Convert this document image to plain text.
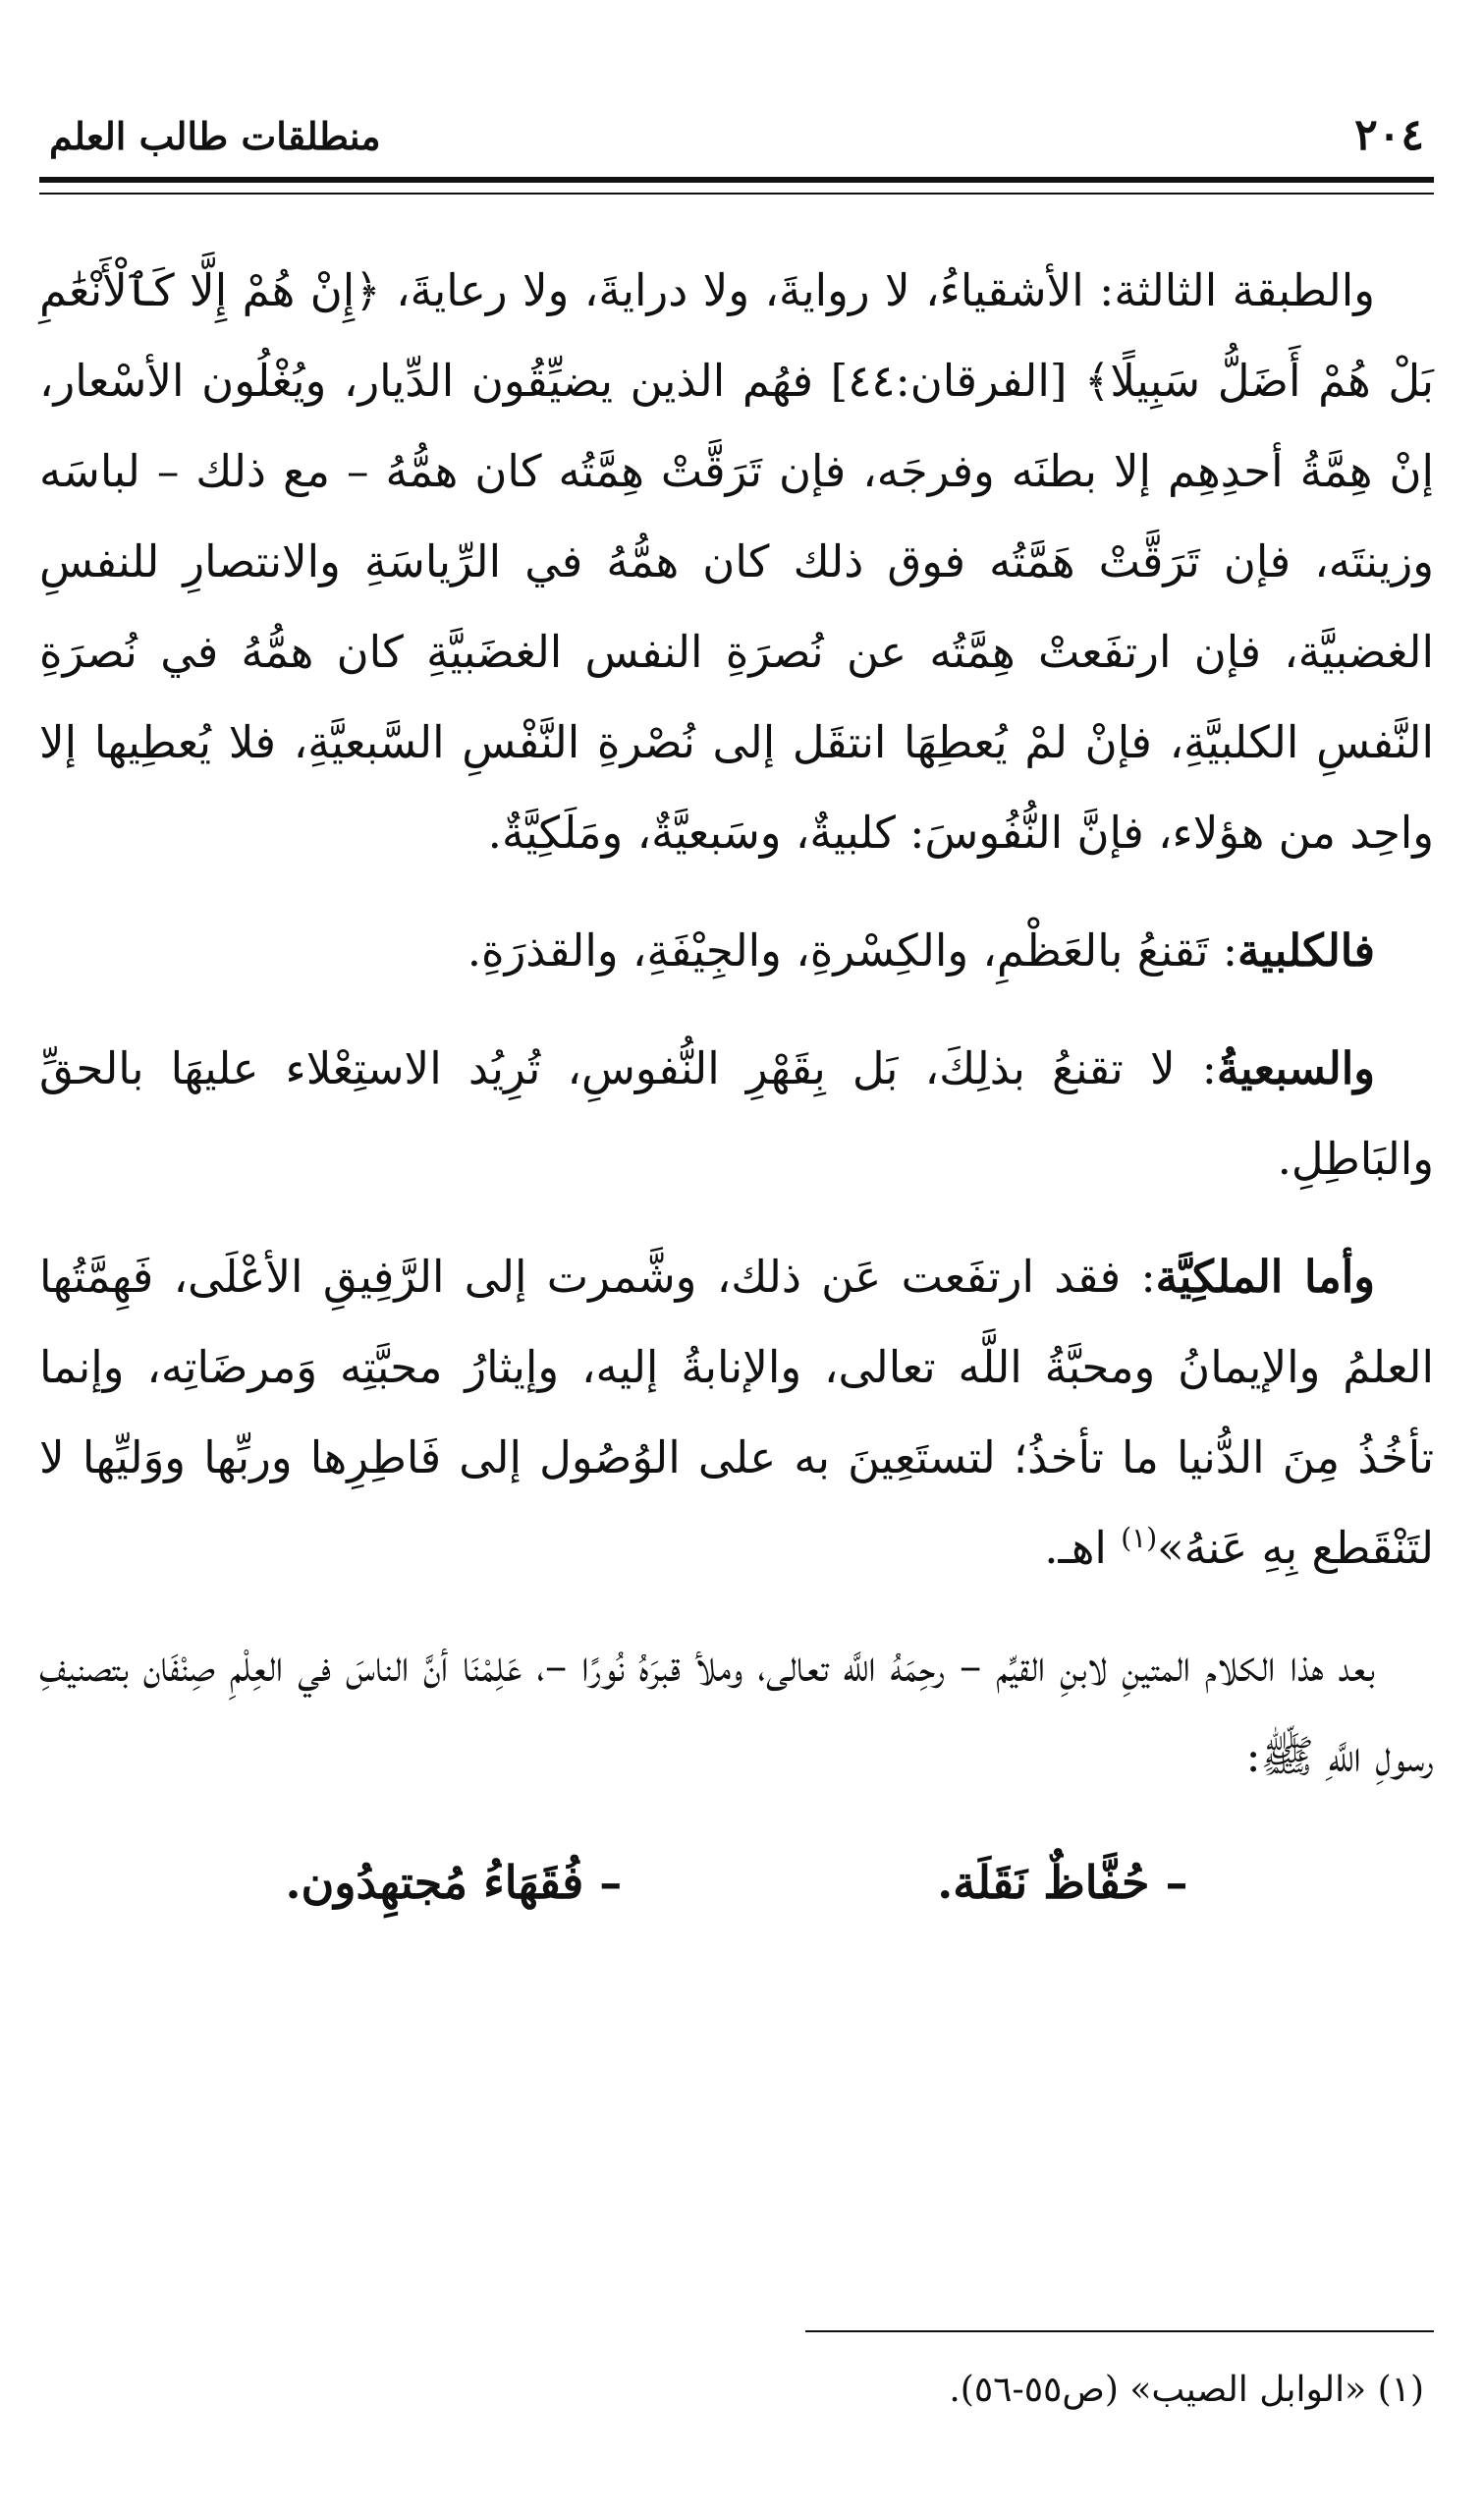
٢٠٤
منطلقات طالب العلم

والطبقة الثالثة: الأشقياءُ، لا روايةَ، ولا درايةَ، ولا رعايةَ، ﴿إِنْ هُمْ إِلَّا كَٱلْأَنْعَٰمِ بَلْ هُمْ أَضَلُّ سَبِيلًا﴾ [الفرقان:٤٤] فهُم الذين يضيِّقُون الدِّيار، ويُغْلُون الأسْعار، إنْ هِمَّةُ أحدِهِم إلا بطنَه وفرجَه، فإن تَرَقَّتْ هِمَّتُه كان همُّهُ – مع ذلك – لباسَه وزينتَه، فإن تَرَقَّتْ هَمَّتُه فوق ذلك كان همُّهُ في الرِّياسَةِ والانتصارِ للنفسِ الغضبيَّة، فإن ارتفَعتْ هِمَّتُه عن نُصرَةِ النفس الغضَبيَّةِ كان همُّهُ في نُصرَةِ النَّفسِ الكلبيَّةِ، فإنْ لمْ يُعطِهَا انتقَل إلى نُصْرةِ النَّفْسِ السَّبعيَّةِ، فلا يُعطِيها إلا واحِد من هؤلاء، فإنَّ النُّفُوسَ: كلبيةٌ، وسَبعيَّةٌ، ومَلَكِيَّةٌ.

فالكلبية: تَقنعُ بالعَظْمِ، والكِسْرةِ، والجِيْفَةِ، والقذرَةِ.

والسبعيةُ: لا تقنعُ بذلِكَ، بَل بِقَهْرِ النُّفوسِ، تُرِيُد الاستِعْلاء عليهَا بالحقِّ والبَاطِلِ.

وأما الملكِيَّة: فقد ارتفَعت عَن ذلك، وشَّمرت إلى الرَّفِيقِ الأعْلَى، فَهِمَّتُها العلمُ والإيمانُ ومحبَّةُ اللَّه تعالى، والإنابةُ إليه، وإيثارُ محبَّتِه وَمرضَاتِه، وإنما تأخُذُ مِنَ الدُّنيا ما تأخذُ؛ لتستَعِينَ به على الوُصُول إلى فَاطِرِها وربِّها ووَليِّها لا لتَنْقَطع بِهِ عَنهُ»$^{(١)}$ اهـ.

بعد هذا الكلام المتينِ لابنِ القيِّم – رحِمَهُ اللَّه تعالى، وملأ قبرَهُ نُورًا –، عَلِمْنَا أنَّ الناسَ في العِلْمِ صِنْفَان بتصنيفِ رسولِ اللَّهِ ﷺ:

– حُفَّاظٌ نَقَلَة.
– فُقَهَاءُ مُجتهِدُون.
(١) «الوابل الصيب» (ص٥٥-٥٦).
